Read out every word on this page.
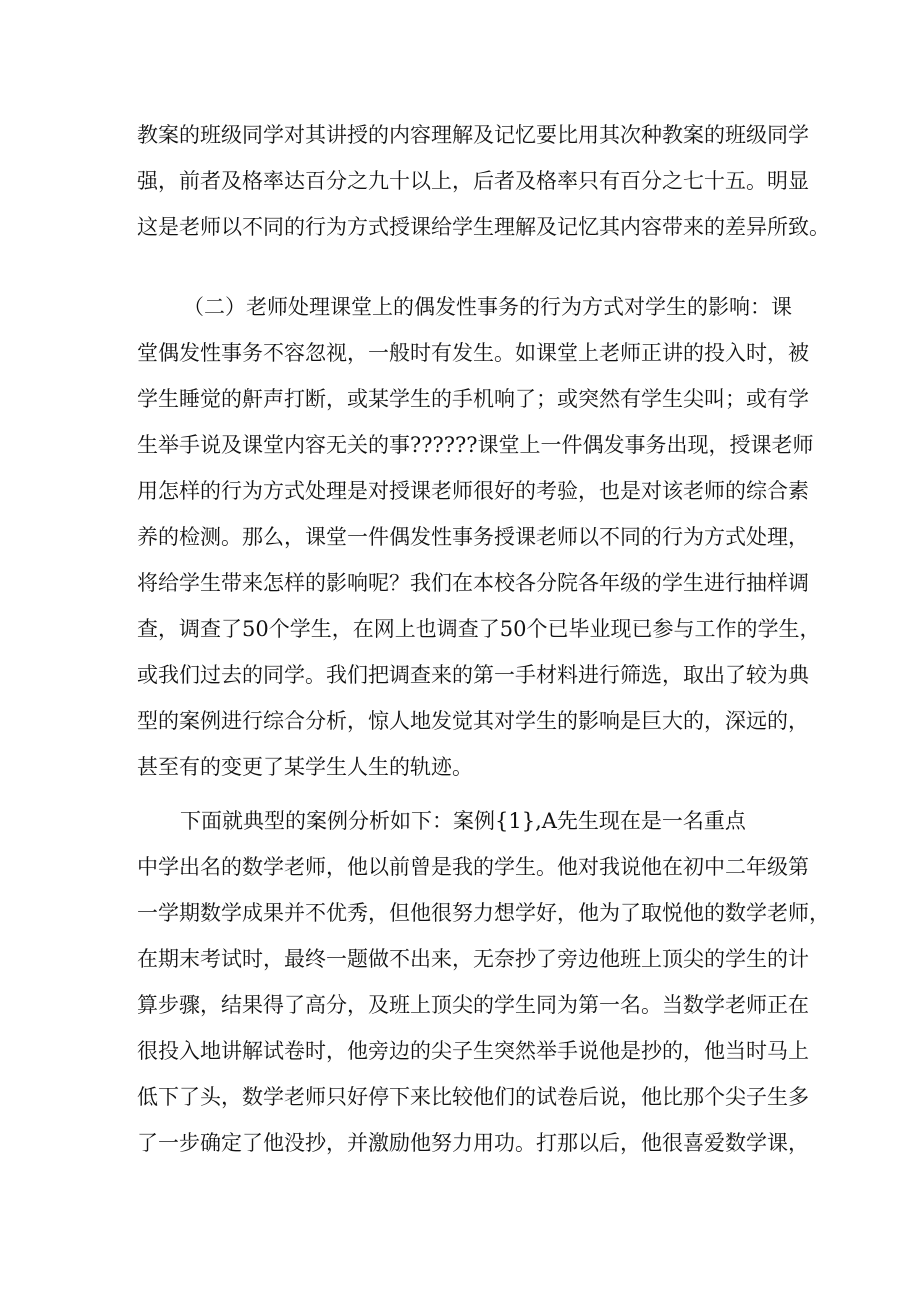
教案的班级同学对其讲授的内容理解及记忆要比用其次种教案的班级同学
强，前者及格率达百分之九十以上，后者及格率只有百分之七十五。明显
这是老师以不同的行为方式授课给学生理解及记忆其内容带来的差异所致。
（二）老师处理课堂上的偶发性事务的行为方式对学生的影响：课
堂偶发性事务不容忽视，一般时有发生。如课堂上老师正讲的投入时，被
学生睡觉的鼾声打断，或某学生的手机响了；或突然有学生尖叫；或有学
生举手说及课堂内容无关的事??????课堂上一件偶发事务出现，授课老师
用怎样的行为方式处理是对授课老师很好的考验，也是对该老师的综合素
养的检测。那么，课堂一件偶发性事务授课老师以不同的行为方式处理，
将给学生带来怎样的影响呢？我们在本校各分院各年级的学生进行抽样调
查，调查了50个学生，在网上也调查了50个已毕业现已参与工作的学生，
或我们过去的同学。我们把调查来的第一手材料进行筛选，取出了较为典
型的案例进行综合分析，惊人地发觉其对学生的影响是巨大的，深远的，
甚至有的变更了某学生人生的轨迹。
下面就典型的案例分析如下：案例{1},A先生现在是一名重点
中学出名的数学老师，他以前曾是我的学生。他对我说他在初中二年级第
一学期数学成果并不优秀，但他很努力想学好，他为了取悦他的数学老师，
在期末考试时，最终一题做不出来，无奈抄了旁边他班上顶尖的学生的计
算步骤，结果得了高分，及班上顶尖的学生同为第一名。当数学老师正在
很投入地讲解试卷时，他旁边的尖子生突然举手说他是抄的，他当时马上
低下了头，数学老师只好停下来比较他们的试卷后说，他比那个尖子生多
了一步确定了他没抄，并激励他努力用功。打那以后，他很喜爱数学课，
